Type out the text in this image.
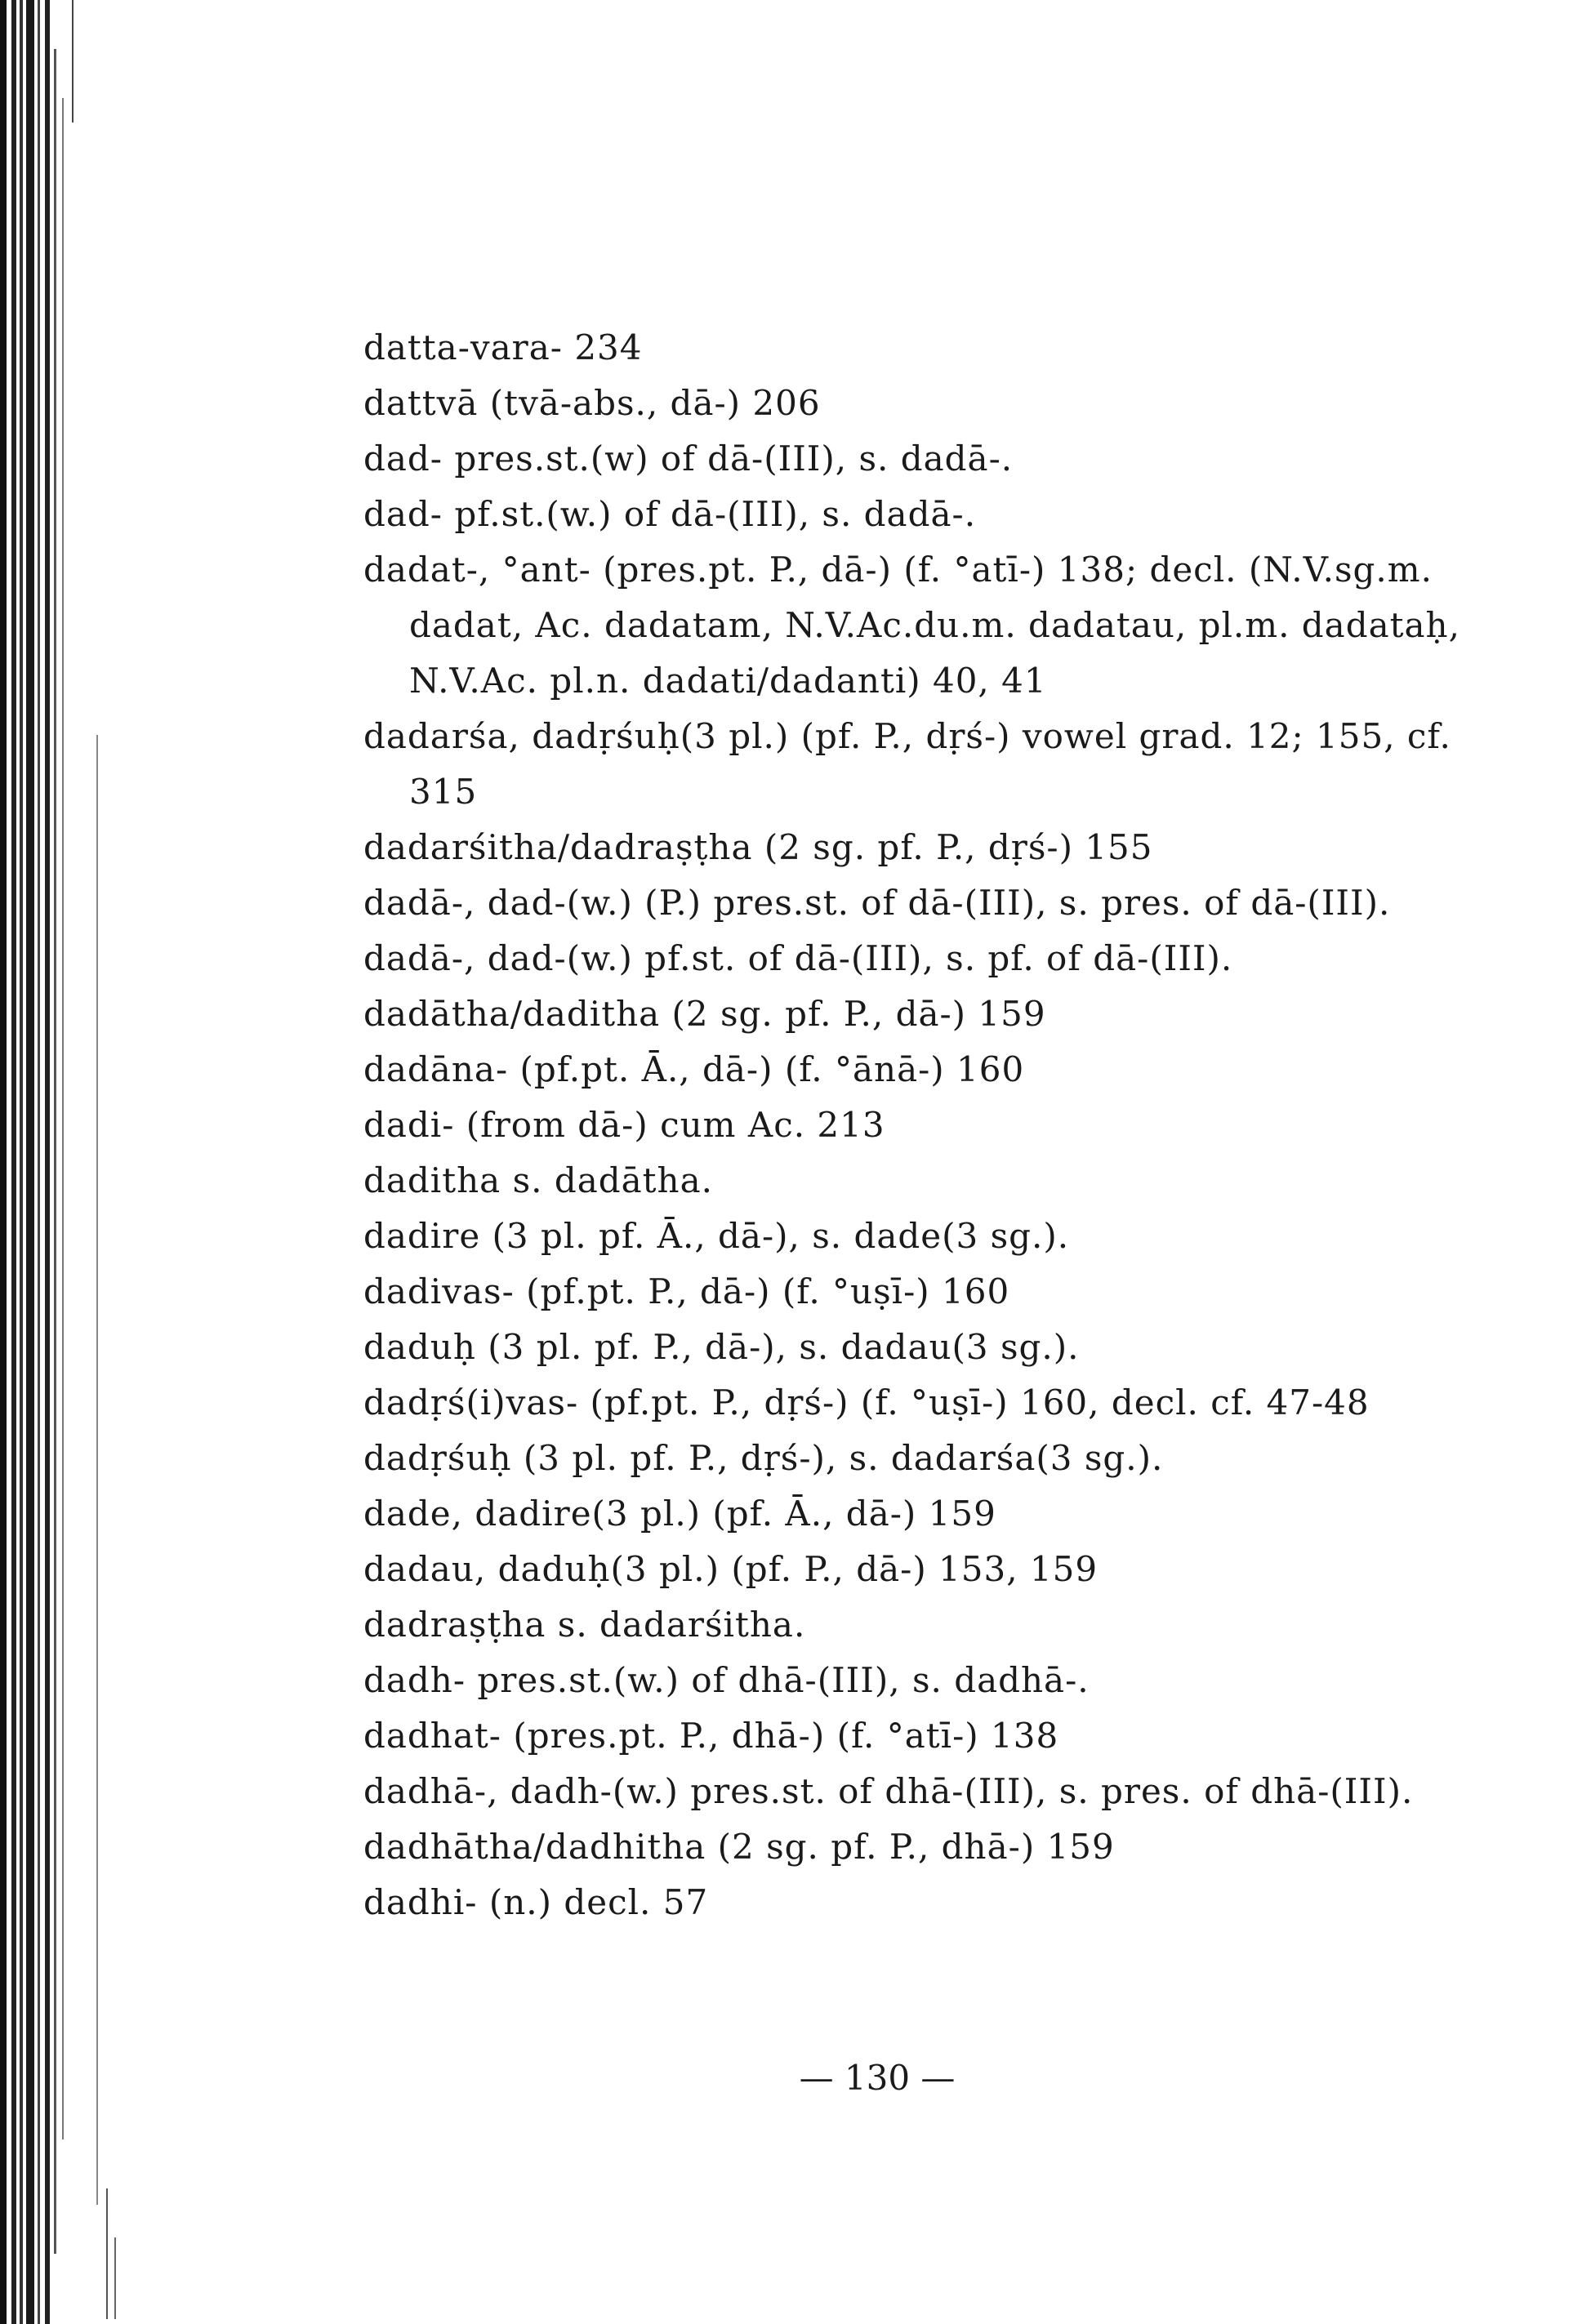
datta-vara- 234
dattvā (tvā-abs., dā-) 206
dad- pres.st.(w) of dā-(III), s. dadā-.
dad- pf.st.(w.) of dā-(III), s. dadā-.
dadat-, °ant- (pres.pt. P., dā-) (f. °atī-) 138; decl. (N.V.sg.m.
dadat, Ac. dadatam, N.V.Ac.du.m. dadatau, pl.m. dadataḥ,
N.V.Ac. pl.n. dadati/dadanti) 40, 41
dadarśa, dadṛśuḥ(3 pl.) (pf. P., dṛś-) vowel grad. 12; 155, cf.
315
dadarśitha/dadraṣṭha (2 sg. pf. P., dṛś-) 155
dadā-, dad-(w.) (P.) pres.st. of dā-(III), s. pres. of dā-(III).
dadā-, dad-(w.) pf.st. of dā-(III), s. pf. of dā-(III).
dadātha/daditha (2 sg. pf. P., dā-) 159
dadāna- (pf.pt. Ā., dā-) (f. °ānā-) 160
dadi- (from dā-) cum Ac. 213
daditha s. dadātha.
dadire (3 pl. pf. Ā., dā-), s. dade(3 sg.).
dadivas- (pf.pt. P., dā-) (f. °uṣī-) 160
daduḥ (3 pl. pf. P., dā-), s. dadau(3 sg.).
dadṛś(i)vas- (pf.pt. P., dṛś-) (f. °uṣī-) 160, decl. cf. 47-48
dadṛśuḥ (3 pl. pf. P., dṛś-), s. dadarśa(3 sg.).
dade, dadire(3 pl.) (pf. Ā., dā-) 159
dadau, daduḥ(3 pl.) (pf. P., dā-) 153, 159
dadraṣṭha s. dadarśitha.
dadh- pres.st.(w.) of dhā-(III), s. dadhā-.
dadhat- (pres.pt. P., dhā-) (f. °atī-) 138
dadhā-, dadh-(w.) pres.st. of dhā-(III), s. pres. of dhā-(III).
dadhātha/dadhitha (2 sg. pf. P., dhā-) 159
dadhi- (n.) decl. 57
— 130 —
